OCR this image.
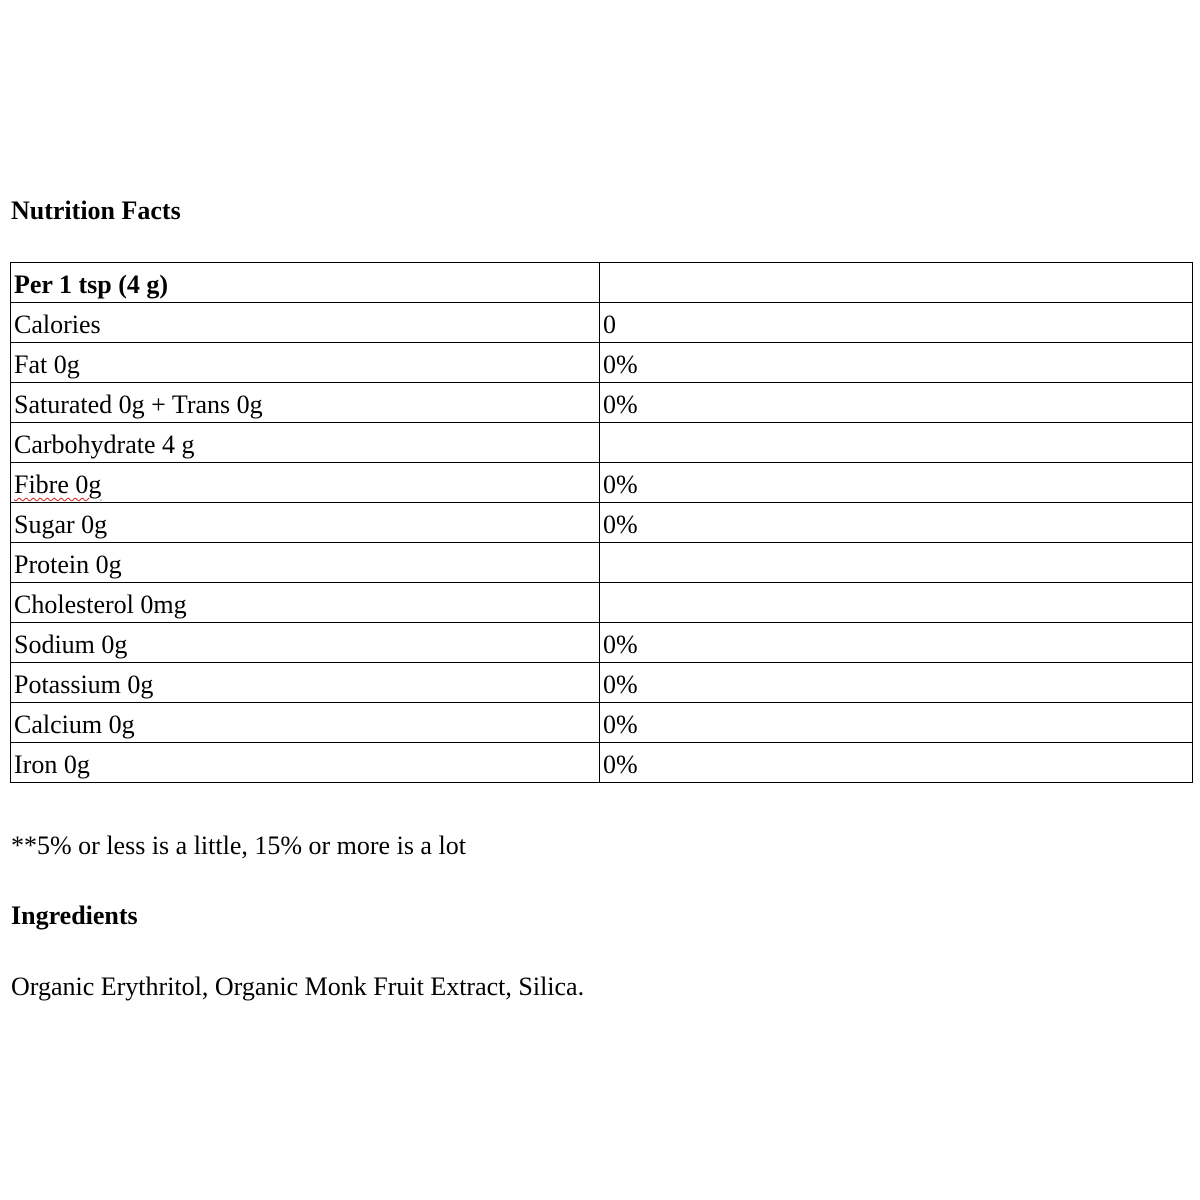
Nutrition Facts
Per 1 tsp (4 g)	
Calories	0
Fat 0g	0%
Saturated 0g + Trans 0g	0%
Carbohydrate 4 g	
Fibre 0g	0%
Sugar 0g	0%
Protein 0g	
Cholesterol 0mg	
Sodium 0g	0%
Potassium 0g	0%
Calcium 0g	0%
Iron 0g	0%

**5% or less is a little, 15% or more is a lot

Ingredients

Organic Erythritol, Organic Monk Fruit Extract, Silica.
